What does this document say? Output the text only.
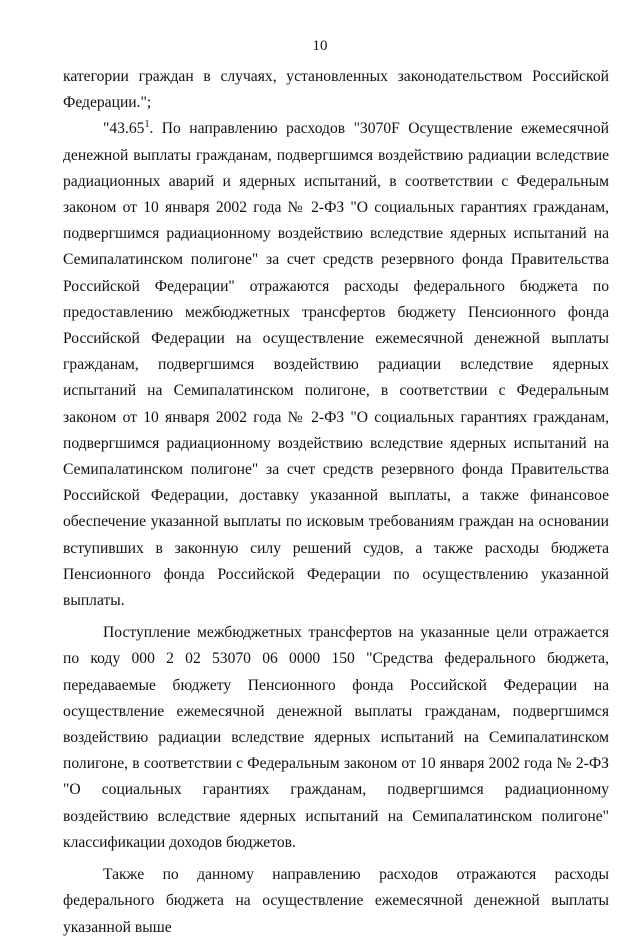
10

категории граждан в случаях, установленных законодательством Российской Федерации.";

"43.65$^1$. По направлению расходов "3070F Осуществление ежемесячной денежной выплаты гражданам, подвергшимся воздействию радиации вследствие радиационных аварий и ядерных испытаний, в соответствии с Федеральным законом от 10 января 2002 года № 2-ФЗ "О социальных гарантиях гражданам, подвергшимся радиационному воздействию вследствие ядерных испытаний на Семипалатинском полигоне" за счет средств резервного фонда Правительства Российской Федерации" отражаются расходы федерального бюджета по предоставлению межбюджетных трансфертов бюджету Пенсионного фонда Российской Федерации на осуществление ежемесячной денежной выплаты гражданам, подвергшимся воздействию радиации вследствие ядерных испытаний на Семипалатинском полигоне, в соответствии с Федеральным законом от 10 января 2002 года № 2-ФЗ "О социальных гарантиях гражданам, подвергшимся радиационному воздействию вследствие ядерных испытаний на Семипалатинском полигоне" за счет средств резервного фонда Правительства Российской Федерации, доставку указанной выплаты, а также финансовое обеспечение указанной выплаты по исковым требованиям граждан на основании вступивших в законную силу решений судов, а также расходы бюджета Пенсионного фонда Российской Федерации по осуществлению указанной выплаты.

Поступление межбюджетных трансфертов на указанные цели отражается по коду 000 2 02 53070 06 0000 150 "Средства федерального бюджета, передаваемые бюджету Пенсионного фонда Российской Федерации на осуществление ежемесячной денежной выплаты гражданам, подвергшимся воздействию радиации вследствие ядерных испытаний на Семипалатинском полигоне, в соответствии с Федеральным законом от 10 января 2002 года № 2-ФЗ "О социальных гарантиях гражданам, подвергшимся радиационному воздействию вследствие ядерных испытаний на Семипалатинском полигоне" классификации доходов бюджетов.

Также по данному направлению расходов отражаются расходы федерального бюджета на осуществление ежемесячной денежной выплаты указанной выше
